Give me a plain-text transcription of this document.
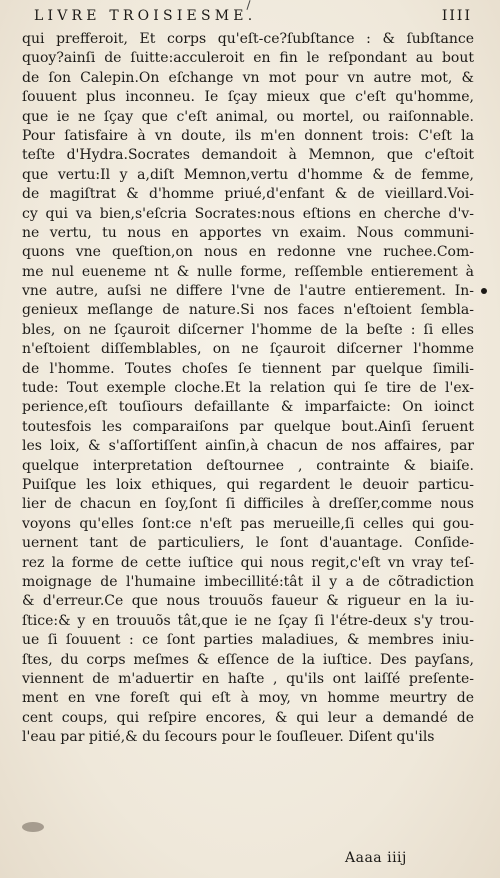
LIVRE TROISIESME.	IIII
qui prefferoit, Et corps qu'eſt-ce?ſubſtance : & ſubſtance
quoy?ainſi de ſuitte:acculeroit en fin le reſpondant au bout
de ſon Calepin.On eſchange vn mot pour vn autre mot, &
ſouuent plus inconneu. Ie ſçay mieux que c'eſt qu'homme,
que ie ne ſçay que c'eſt animal, ou mortel, ou raiſonnable.
Pour ſatisfaire à vn doute, ils m'en donnent trois: C'eſt la
teſte d'Hydra.Socrates demandoit à Memnon, que c'eſtoit
que vertu:Il y a,diſt Memnon,vertu d'homme & de femme,
de magiſtrat & d'homme priué,d'enfant & de vieillard.Voi-
cy qui va bien,s'eſcria Socrates:nous eſtions en cherche d'v-
ne vertu, tu nous en apportes vn exaim. Nous communi-
quons vne queſtion,on nous en redonne vne ruchee.Com-
me nul eueneme nt & nulle forme, reſſemble entierement à
vne autre, auſsi ne differe l'vne de l'autre entierement. In-
genieux meſlange de nature.Si nos faces n'eſtoient ſembla-
bles, on ne ſçauroit diſcerner l'homme de la beſte : ſi elles
n'eſtoient diſſemblables, on ne ſçauroit diſcerner l'homme
de l'homme. Toutes choſes ſe tiennent par quelque ſimili-
tude: Tout exemple cloche.Et la relation qui ſe tire de l'ex-
perience,eſt touſiours defaillante & imparfaicte: On ioinct
toutesfois les comparaiſons par quelque bout.Ainſi ſeruent
les loix, & s'aſſortiſſent ainſin,à chacun de nos affaires, par
quelque interpretation deſtournee , contrainte & biaiſe.
Puiſque les loix ethiques, qui regardent le deuoir particu-
lier de chacun en ſoy,ſont ſi difficiles à dreſſer,comme nous
voyons qu'elles ſont:ce n'eſt pas merueille,ſi celles qui gou-
uernent tant de particuliers, le ſont d'auantage. Conſide-
rez la forme de cette iuſtice qui nous regit,c'eſt vn vray teſ-
moignage de l'humaine imbecillité:tât il y a de cõtradiction
& d'erreur.Ce que nous trouuõs faueur & rigueur en la iu-
ſtice:& y en trouuõs tât,que ie ne ſçay ſi l'étre-deux s'y trou-
ue ſi ſouuent : ce ſont parties maladiues, & membres iniu-
ſtes, du corps meſmes & eſſence de la iuſtice. Des payſans,
viennent de m'aduertir en haſte , qu'ils ont laiſſé preſente-
ment en vne foreſt qui eſt à moy, vn homme meurtry de
cent coups, qui reſpire encores, & qui leur a demandé de
l'eau par pitié,& du ſecours pour le ſouſleuer. Diſent qu'ils
Aaaa iiij
